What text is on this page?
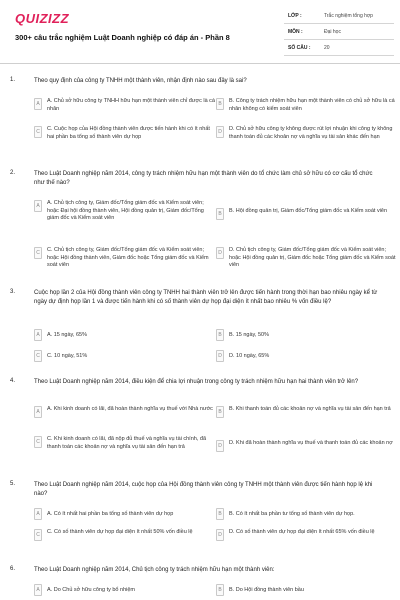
QUIZIZZ
300+ câu trắc nghiệm Luật Doanh nghiệp có đáp án - Phần 8
LỚP :	Trắc nghiệm tổng hợp
MÔN :	Đại học
SỐ CÂU :	20
1.	Theo quy định của công ty TNHH một thành viên, nhận định nào sau đây là sai?
A	A. Chủ sở hữu công ty TNHH hữu hạn một thành viên chỉ được là cá nhân
B	B. Công ty trách nhiệm hữu hạn một thành viên có chủ sở hữu là cá nhân không có kiểm soát viên
C	C. Cuộc họp của Hội đồng thành viên được tiến hành khi có ít nhất hai phần ba tổng số thành viên dự họp
D	D. Chủ sở hữu công ty không được rút lợi nhuận khi công ty không thanh toán đủ các khoản nợ và nghĩa vụ tài sản khác đến hạn
2.	Theo Luật Doanh nghiệp năm 2014, công ty trách nhiệm hữu hạn một thành viên do tổ chức làm chủ sở hữu có cơ cấu tổ chức như thế nào?
A	A. Chủ tịch công ty, Giám đốc/Tổng giám đốc và Kiểm soát viên; hoặc Đại hội đồng thành viên, Hội đồng quản trị, Giám đốc/Tổng giám đốc và Kiểm soát viên
B	B. Hội đồng quản trị, Giám đốc/Tổng giám đốc và Kiểm soát viên
C	C. Chủ tịch công ty, Giám đốc/Tổng giám đốc và Kiểm soát viên; hoặc Hội đồng thành viên, Giám đốc hoặc Tổng giám đốc và Kiểm soát viên
D	D. Chủ tịch công ty, Giám đốc/Tổng giám đốc và Kiểm soát viên; hoặc Hội đồng quản trị, Giám đốc hoặc Tổng giám đốc và Kiểm soát viên
3.	Cuộc họp lần 2 của Hội đồng thành viên công ty TNHH hai thành viên trở lên được tiến hành trong thời hạn bao nhiêu ngày kể từ ngày dự định họp lần 1 và được tiến hành khi có số thành viên dự họp đại diện ít nhất bao nhiêu % vốn điều lệ?
A	A. 15 ngày, 65%	B	B. 15 ngày, 50%
C	C. 10 ngày, 51%	D	D. 10 ngày, 65%
4.	Theo Luật Doanh nghiệp năm 2014, điều kiện để chia lợi nhuận trong công ty trách nhiệm hữu hạn hai thành viên trở lên?
A	A. Khi kinh doanh có lãi, đã hoàn thành nghĩa vụ thuế với Nhà nước	B	B. Khi thanh toán đủ các khoản nợ và nghĩa vụ tài sản đến hạn trả
C	C. Khi kinh doanh có lãi, đã nộp đủ thuế và nghĩa vụ tài chính, đã thanh toán các khoản nợ và nghĩa vụ tài sản đến hạn trả	D	D. Khi đã hoàn thành nghĩa vụ thuế và thanh toán đủ các khoản nợ
5.	Theo Luật Doanh nghiệp năm 2014, cuộc họp của Hội đồng thành viên công ty TNHH một thành viên được tiến hành họp lệ khi nào?
A	A. Có ít nhất hai phần ba tổng số thành viên dự họp	B	B. Có ít nhất ba phần tư tổng số thành viên dự họp.
C	C. Có số thành viên dự họp đại diện ít nhất 50% vốn điều lệ	D	D. Có số thành viên dự họp đại diện ít nhất 65% vốn điều lệ
6.	Theo Luật Doanh nghiệp năm 2014, Chủ tịch công ty trách nhiệm hữu hạn một thành viên:
A	A. Do Chủ sở hữu công ty bổ nhiệm	B	B. Do Hội đồng thành viên bầu
